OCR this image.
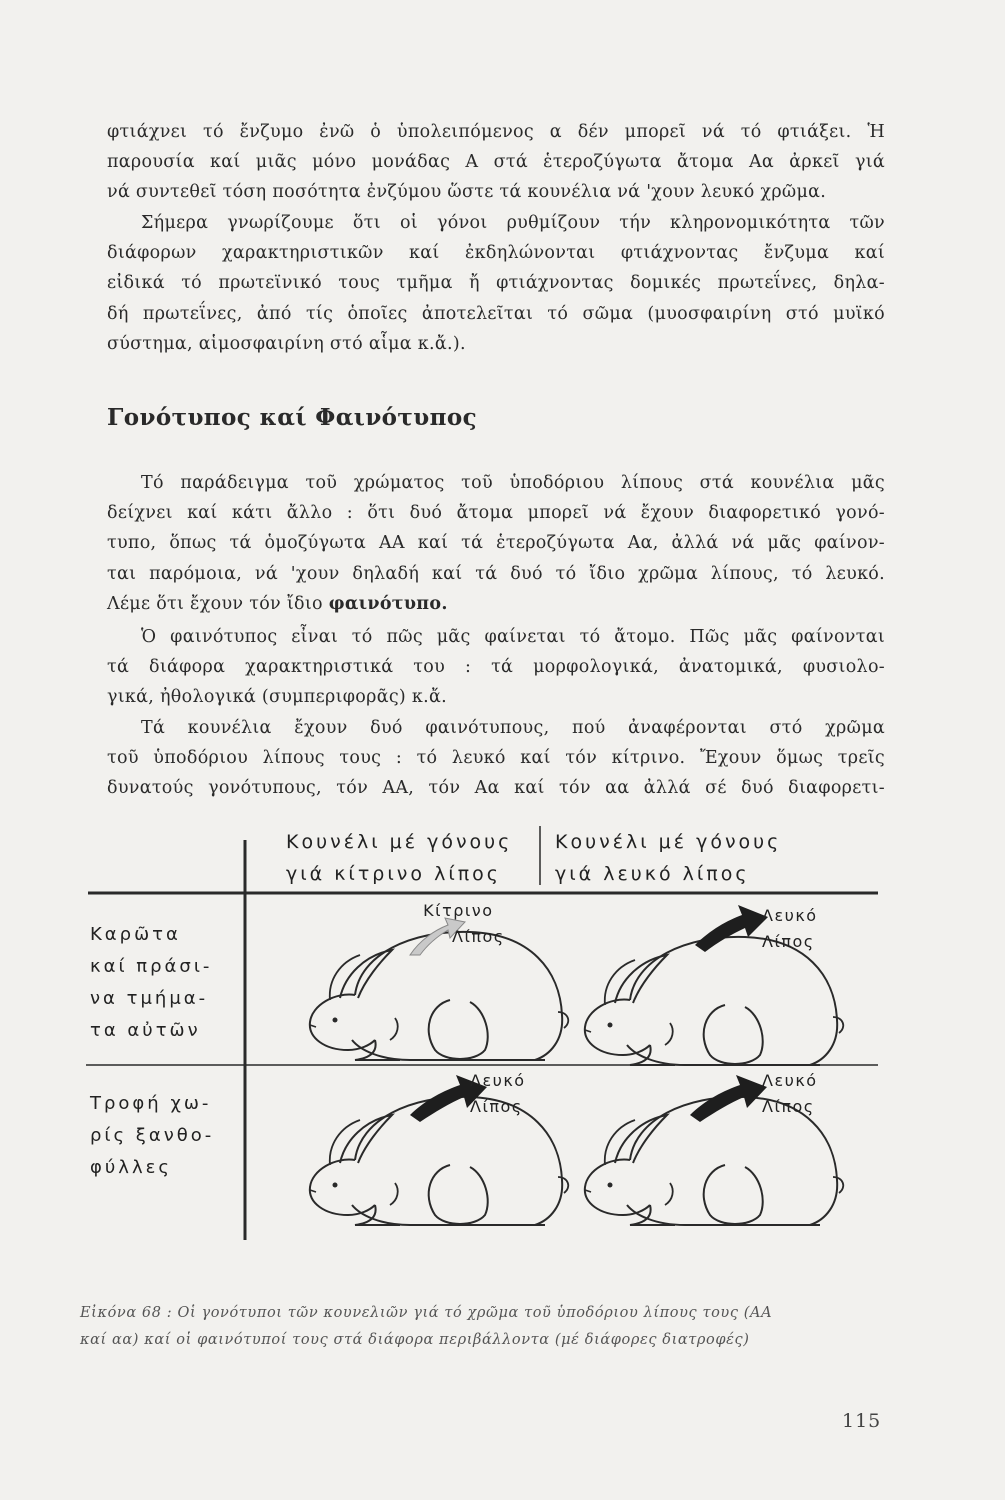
φτιάχνει τό ἔνζυμο ἐνῶ ὁ ὑπολειπόμενος α δέν μπορεῖ νά τό φτιάξει. Ἡ
παρουσία καί μιᾶς μόνο μονάδας Α στά ἑτεροζύγωτα ἄτομα Αα ἀρκεῖ γιά
νά συντεθεῖ τόση ποσότητα ἐνζύμου ὥστε τά κουνέλια νά 'χουν λευκό χρῶμα.

Σήμερα γνωρίζουμε ὅτι οἱ γόνοι ρυθμίζουν τήν κληρονομικότητα τῶν
διάφορων χαρακτηριστικῶν καί ἐκδηλώνονται φτιάχνοντας ἔνζυμα καί
εἰδικά τό πρωτεϊνικό τους τμῆμα ἤ φτιάχνοντας δομικές πρωτεΐνες, δηλα-
δή πρωτεΐνες, ἀπό τίς ὁποῖες ἀποτελεῖται τό σῶμα (μυοσφαιρίνη στό μυϊκό
σύστημα, αἱμοσφαιρίνη στό αἷμα κ.ἄ.).

Γονότυπος καί Φαινότυπος

Τό παράδειγμα τοῦ χρώματος τοῦ ὑποδόριου λίπους στά κουνέλια μᾶς
δείχνει καί κάτι ἄλλο : ὅτι δυό ἄτομα μπορεῖ νά ἔχουν διαφορετικό γονό-
τυπο, ὅπως τά ὁμοζύγωτα ΑΑ καί τά ἑτεροζύγωτα Αα, ἀλλά νά μᾶς φαίνον-
ται παρόμοια, νά 'χουν δηλαδή καί τά δυό τό ἴδιο χρῶμα λίπους, τό λευκό.
Λέμε ὅτι ἔχουν τόν ἴδιο φαινότυπο.

Ὁ φαινότυπος εἶναι τό πῶς μᾶς φαίνεται τό ἄτομο. Πῶς μᾶς φαίνονται
τά διάφορα χαρακτηριστικά του : τά μορφολογικά, ἀνατομικά, φυσιολο-
γικά, ἠθολογικά (συμπεριφορᾶς) κ.ἄ.

Τά κουνέλια ἔχουν δυό φαινότυπους, πού ἀναφέρονται στό χρῶμα
τοῦ ὑποδόριου λίπους τους : τό λευκό καί τόν κίτρινο. Ἔχουν ὅμως τρεῖς
δυνατούς γονότυπους, τόν ΑΑ, τόν Αα καί τόν αα ἀλλά σέ δυό διαφορετι-

Κουνέλι μέ γόνους
γιά κίτρινο λίπος
Κουνέλι μέ γόνους
γιά λευκό λίπος
Καρῶτα
καί πράσι-
να τμήμα-
τα αὐτῶν
Τροφή χω-
ρίς ξανθο-
φύλλες
Κίτρινο
Λίπος
Λευκό
Λίπος
Λευκό
Λίπος
Λευκό
Λίπος

Εἰκόνα 68 : Οἱ γονότυποι τῶν κουνελιῶν γιά τό χρῶμα τοῦ ὑποδόριου λίπους τους (ΑΑ
καί αα) καί οἱ φαινότυποί τους στά διάφορα περιβάλλοντα (μέ διάφορες διατροφές)

115
